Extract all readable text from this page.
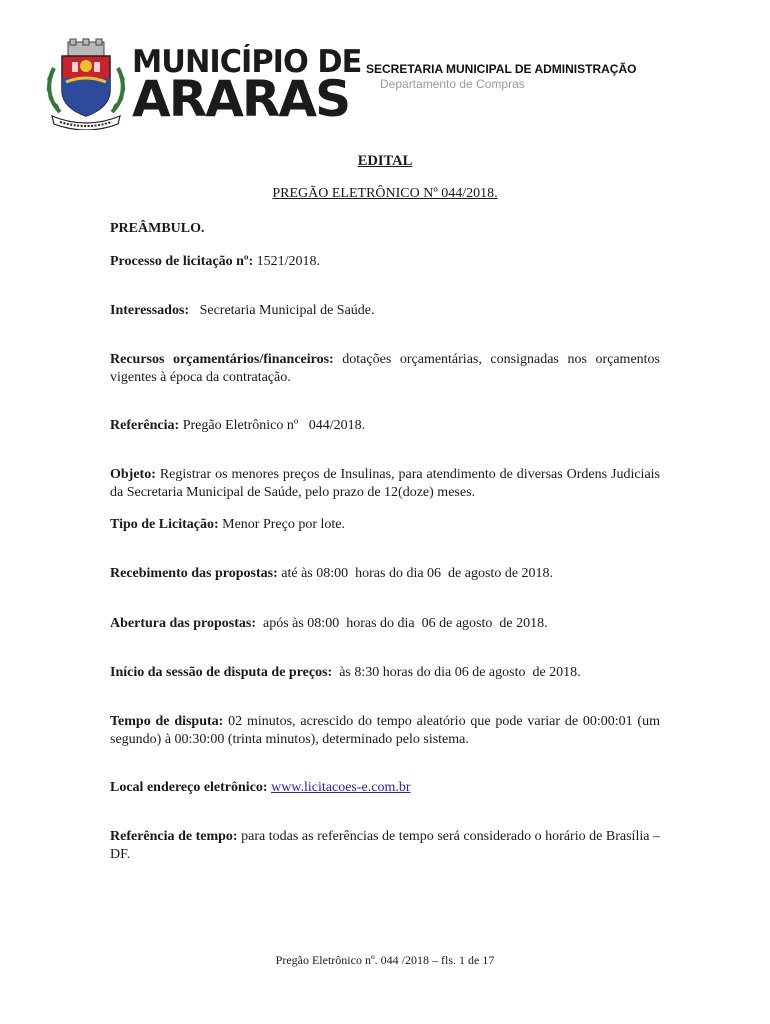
MUNICÍPIO DE
ARARAS
SECRETARIA MUNICIPAL DE ADMINISTRAÇÃO
Departamento de Compras
EDITAL
PREGÃO ELETRÔNICO Nº 044/2018.
PREÂMBULO.
Processo de licitação nº: 1521/2018.
Interessados:   Secretaria Municipal de Saúde.
Recursos orçamentários/financeiros: dotações orçamentárias, consignadas nos orçamentos vigentes à época da contratação.
Referência: Pregão Eletrônico nº   044/2018.
Objeto: Registrar os menores preços de Insulinas, para atendimento de diversas Ordens Judiciais da Secretaria Municipal de Saúde, pelo prazo de 12(doze) meses.
Tipo de Licitação: Menor Preço por lote.
Recebimento das propostas: até às 08:00  horas do dia 06  de agosto de 2018.
Abertura das propostas:  após às 08:00  horas do dia  06 de agosto  de 2018.
Início da sessão de disputa de preços:  às 8:30 horas do dia 06 de agosto  de 2018.
Tempo de disputa: 02 minutos, acrescido do tempo aleatório que pode variar de 00:00:01 (um segundo) à 00:30:00 (trinta minutos), determinado pelo sistema.
Local endereço eletrônico: www.licitacoes-e.com.br
Referência de tempo: para todas as referências de tempo será considerado o horário de Brasília – DF.
Pregão Eletrônico nº. 044 /2018 – fls. 1 de 17
